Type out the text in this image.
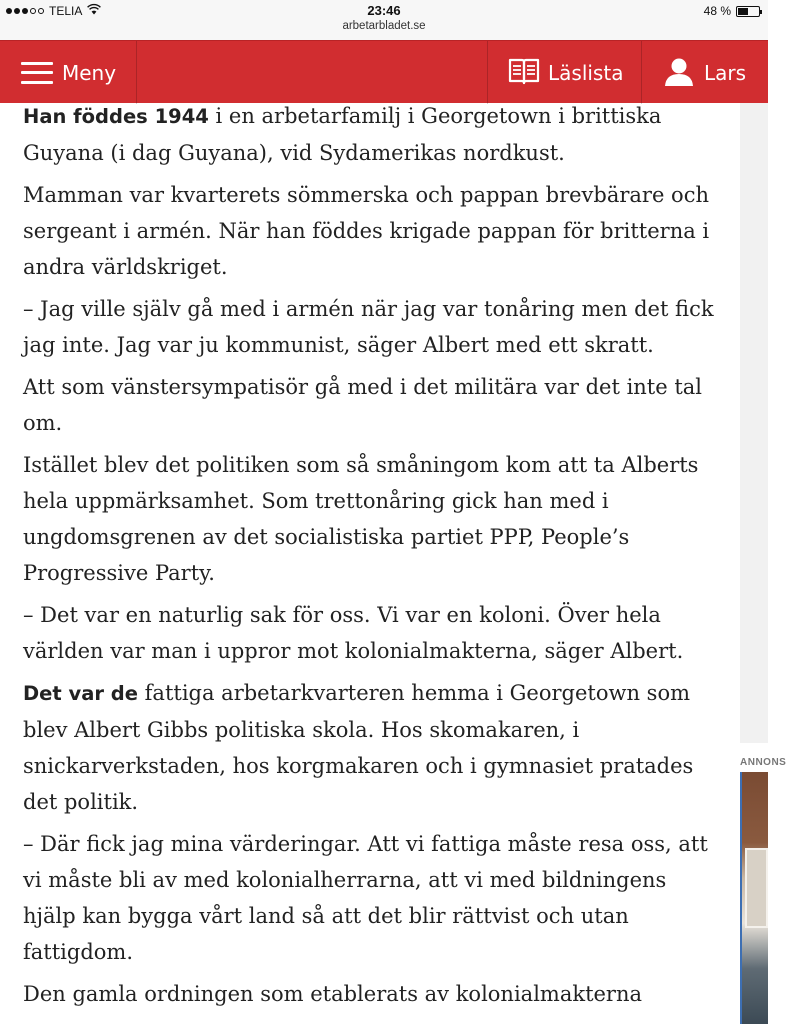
TELIA	23:46
arbetarbladet.se
48 %
Meny	Läslista	Lars

Han föddes 1944 i en arbetarfamilj i Georgetown i brittiska Guyana (i dag Guyana), vid Sydamerikas nordkust.

Mamman var kvarterets sömmerska och pappan brevbärare och sergeant i armén. När han föddes krigade pappan för britterna i andra världskriget.

– Jag ville själv gå med i armén när jag var tonåring men det fick jag inte. Jag var ju kommunist, säger Albert med ett skratt.

Att som vänstersympatisör gå med i det militära var det inte tal om.

Istället blev det politiken som så småningom kom att ta Alberts hela uppmärksamhet. Som trettonåring gick han med i ungdomsgrenen av det socialistiska partiet PPP, People’s Progressive Party.

– Det var en naturlig sak för oss. Vi var en koloni. Över hela världen var man i uppror mot kolonialmakterna, säger Albert.

Det var de fattiga arbetarkvarteren hemma i Georgetown som blev Albert Gibbs politiska skola. Hos skomakaren, i snickarverkstaden, hos korgmakaren och i gymnasiet pratades det politik.

– Där fick jag mina värderingar. Att vi fattiga måste resa oss, att vi måste bli av med kolonialherrarna, att vi med bildningens hjälp kan bygga vårt land så att det blir rättvist och utan fattigdom.

Den gamla ordningen som etablerats av kolonialmakterna

ANNONS
